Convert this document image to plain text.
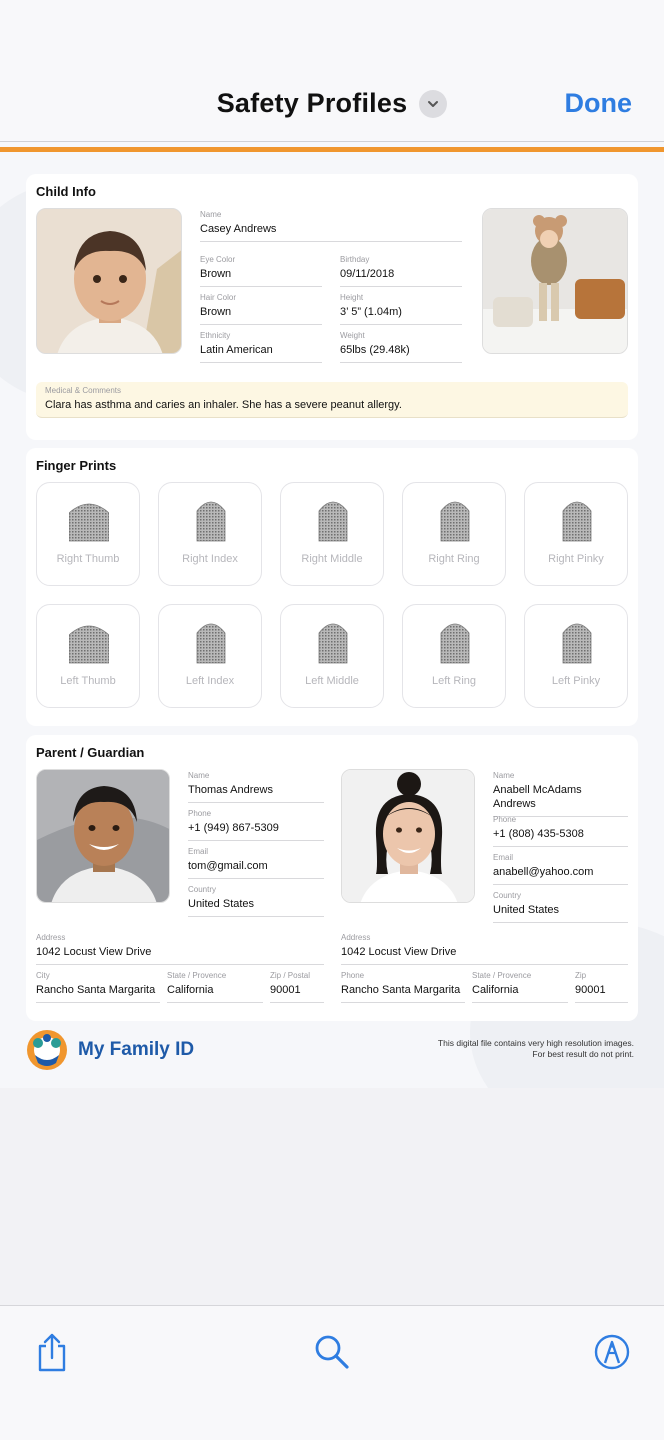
Safety Profiles	Done
Child Info
Name
Casey Andrews
Eye Color
Brown
Birthday
09/11/2018
Hair Color
Brown
Height
3’ 5” (1.04m)
Ethnicity
Latin American
Weight
65lbs (29.48k)
Medical & Comments
Clara has asthma and caries an inhaler. She has a severe peanut allergy.
Finger Prints
Right Thumb	Right Index	Right Middle	Right Ring	Right Pinky
Left Thumb	Left Index	Left Middle	Left Ring	Left Pinky
Parent / Guardian
Name
Thomas Andrews
Phone
+1 (949) 867-5309
Email
tom@gmail.com
Country
United States
Address
1042 Locust View Drive
City
Rancho Santa Margarita
State / Provence
California
Zip / Postal
90001
Name
Anabell McAdams Andrews
Phone
+1 (808) 435-5308
Email
anabell@yahoo.com
Country
United States
Address
1042 Locust View Drive
Phone
Rancho Santa Margarita
State / Provence
California
Zip
90001
My Family ID	This digital file contains very high resolution images.
For best result do not print.
